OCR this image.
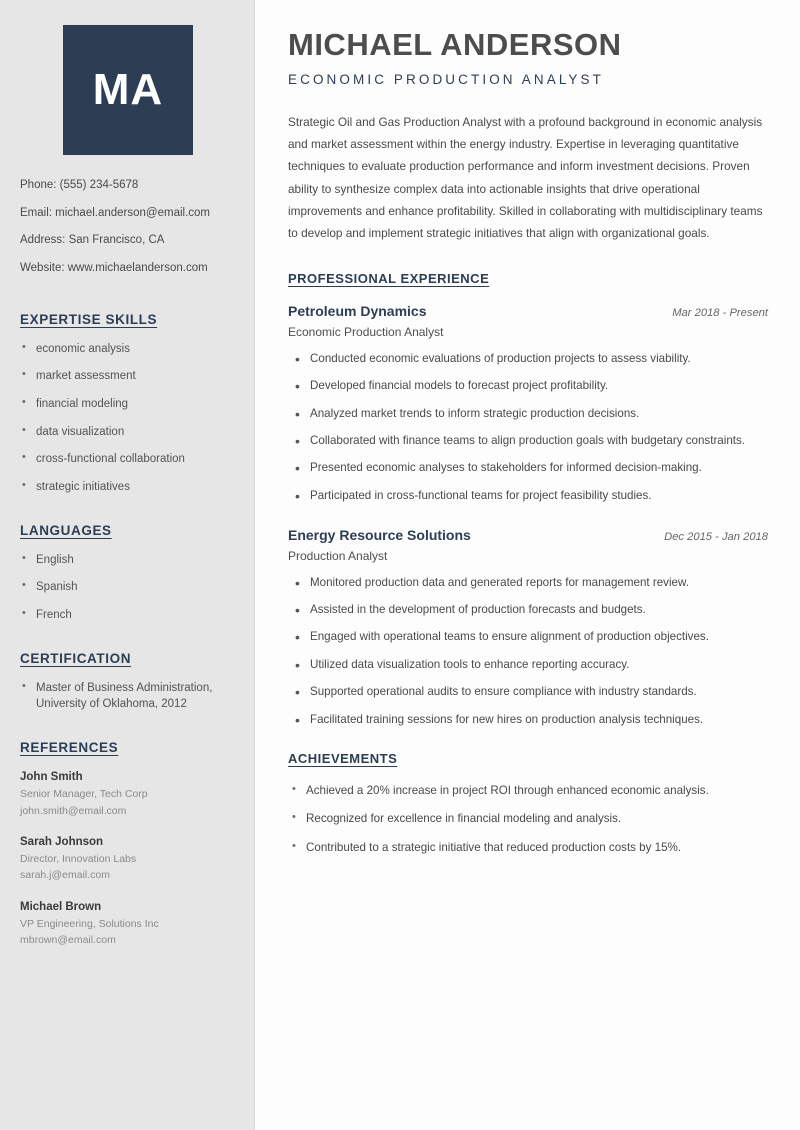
MA
Phone: (555) 234-5678
Email: michael.anderson@email.com
Address: San Francisco, CA
Website: www.michaelanderson.com
EXPERTISE SKILLS
• economic analysis
• market assessment
• financial modeling
• data visualization
• cross-functional collaboration
• strategic initiatives
LANGUAGES
• English
• Spanish
• French
CERTIFICATION
• Master of Business Administration, University of Oklahoma, 2012
REFERENCES
John Smith
Senior Manager, Tech Corp
john.smith@email.com
Sarah Johnson
Director, Innovation Labs
sarah.j@email.com
Michael Brown
VP Engineering, Solutions Inc
mbrown@email.com
MICHAEL ANDERSON
ECONOMIC PRODUCTION ANALYST

Strategic Oil and Gas Production Analyst with a profound background in economic analysis and market assessment within the energy industry. Expertise in leveraging quantitative techniques to evaluate production performance and inform investment decisions. Proven ability to synthesize complex data into actionable insights that drive operational improvements and enhance profitability. Skilled in collaborating with multidisciplinary teams to develop and implement strategic initiatives that align with organizational goals.

PROFESSIONAL EXPERIENCE
Petroleum Dynamics	Mar 2018 - Present
Economic Production Analyst
• Conducted economic evaluations of production projects to assess viability.
• Developed financial models to forecast project profitability.
• Analyzed market trends to inform strategic production decisions.
• Collaborated with finance teams to align production goals with budgetary constraints.
• Presented economic analyses to stakeholders for informed decision-making.
• Participated in cross-functional teams for project feasibility studies.
Energy Resource Solutions	Dec 2015 - Jan 2018
Production Analyst
• Monitored production data and generated reports for management review.
• Assisted in the development of production forecasts and budgets.
• Engaged with operational teams to ensure alignment of production objectives.
• Utilized data visualization tools to enhance reporting accuracy.
• Supported operational audits to ensure compliance with industry standards.
• Facilitated training sessions for new hires on production analysis techniques.
ACHIEVEMENTS
• Achieved a 20% increase in project ROI through enhanced economic analysis.
• Recognized for excellence in financial modeling and analysis.
• Contributed to a strategic initiative that reduced production costs by 15%.
